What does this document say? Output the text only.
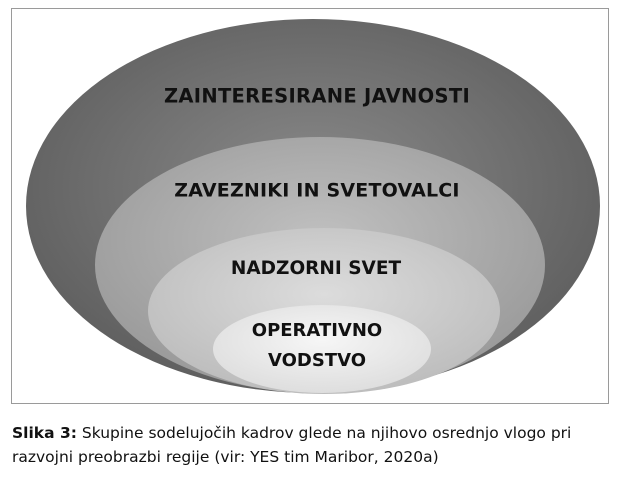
ZAINTERESIRANE JAVNOSTI
ZAVEZNIKI IN SVETOVALCI
NADZORNI SVET
OPERATIVNO
VODSTVO
Slika 3: Skupine sodelujočih kadrov glede na njihovo osrednjo vlogo pri razvojni preobrazbi regije (vir: YES tim Maribor, 2020a)
